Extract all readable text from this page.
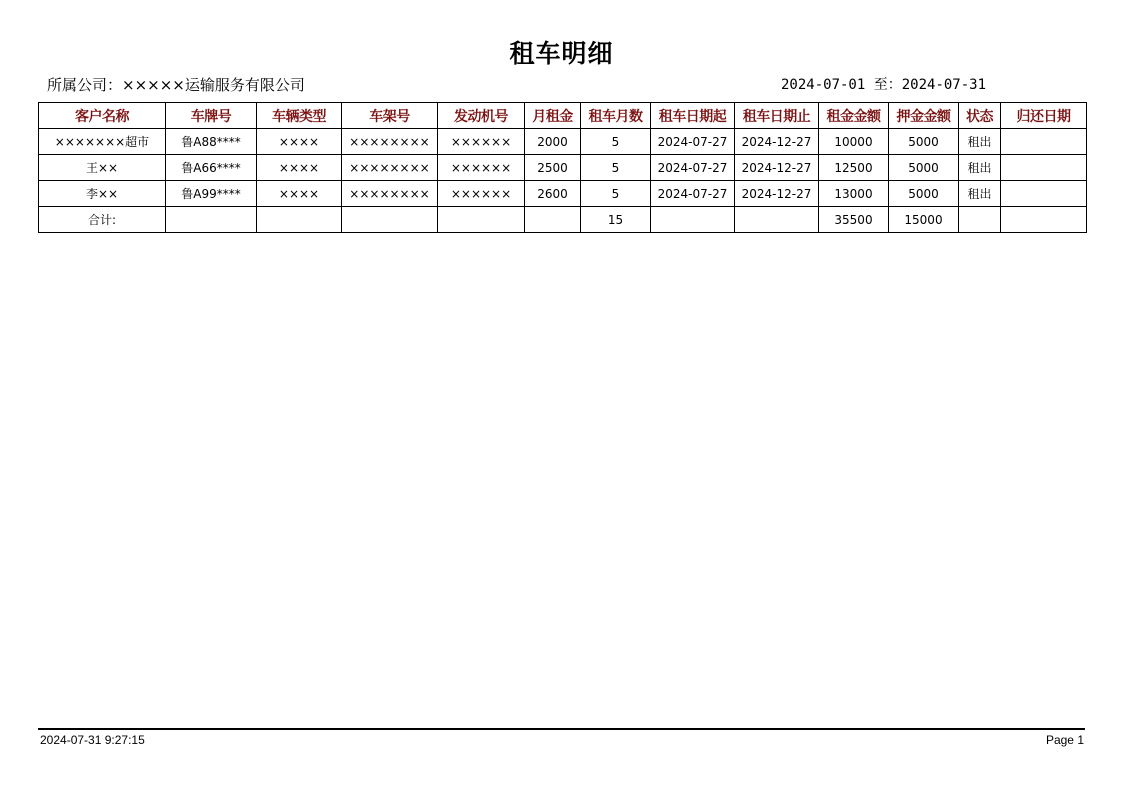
租车明细
所属公司：×××××运输服务有限公司	2024-07-01 至：2024-07-31
客户名称	车牌号	车辆类型	车架号	发动机号	月租金	租车月数	租车日期起	租车日期止	租金金额	押金金额	状态	归还日期
×××××××超市	鲁A88****	××××	××××××××	××××××	2000	5	2024-07-27	2024-12-27	10000	5000	租出	
王××	鲁A66****	××××	××××××××	××××××	2500	5	2024-07-27	2024-12-27	12500	5000	租出	
李××	鲁A99****	××××	××××××××	××××××	2600	5	2024-07-27	2024-12-27	13000	5000	租出	
合计:						15			35500	15000		
2024-07-31 9:27:15	Page 1
